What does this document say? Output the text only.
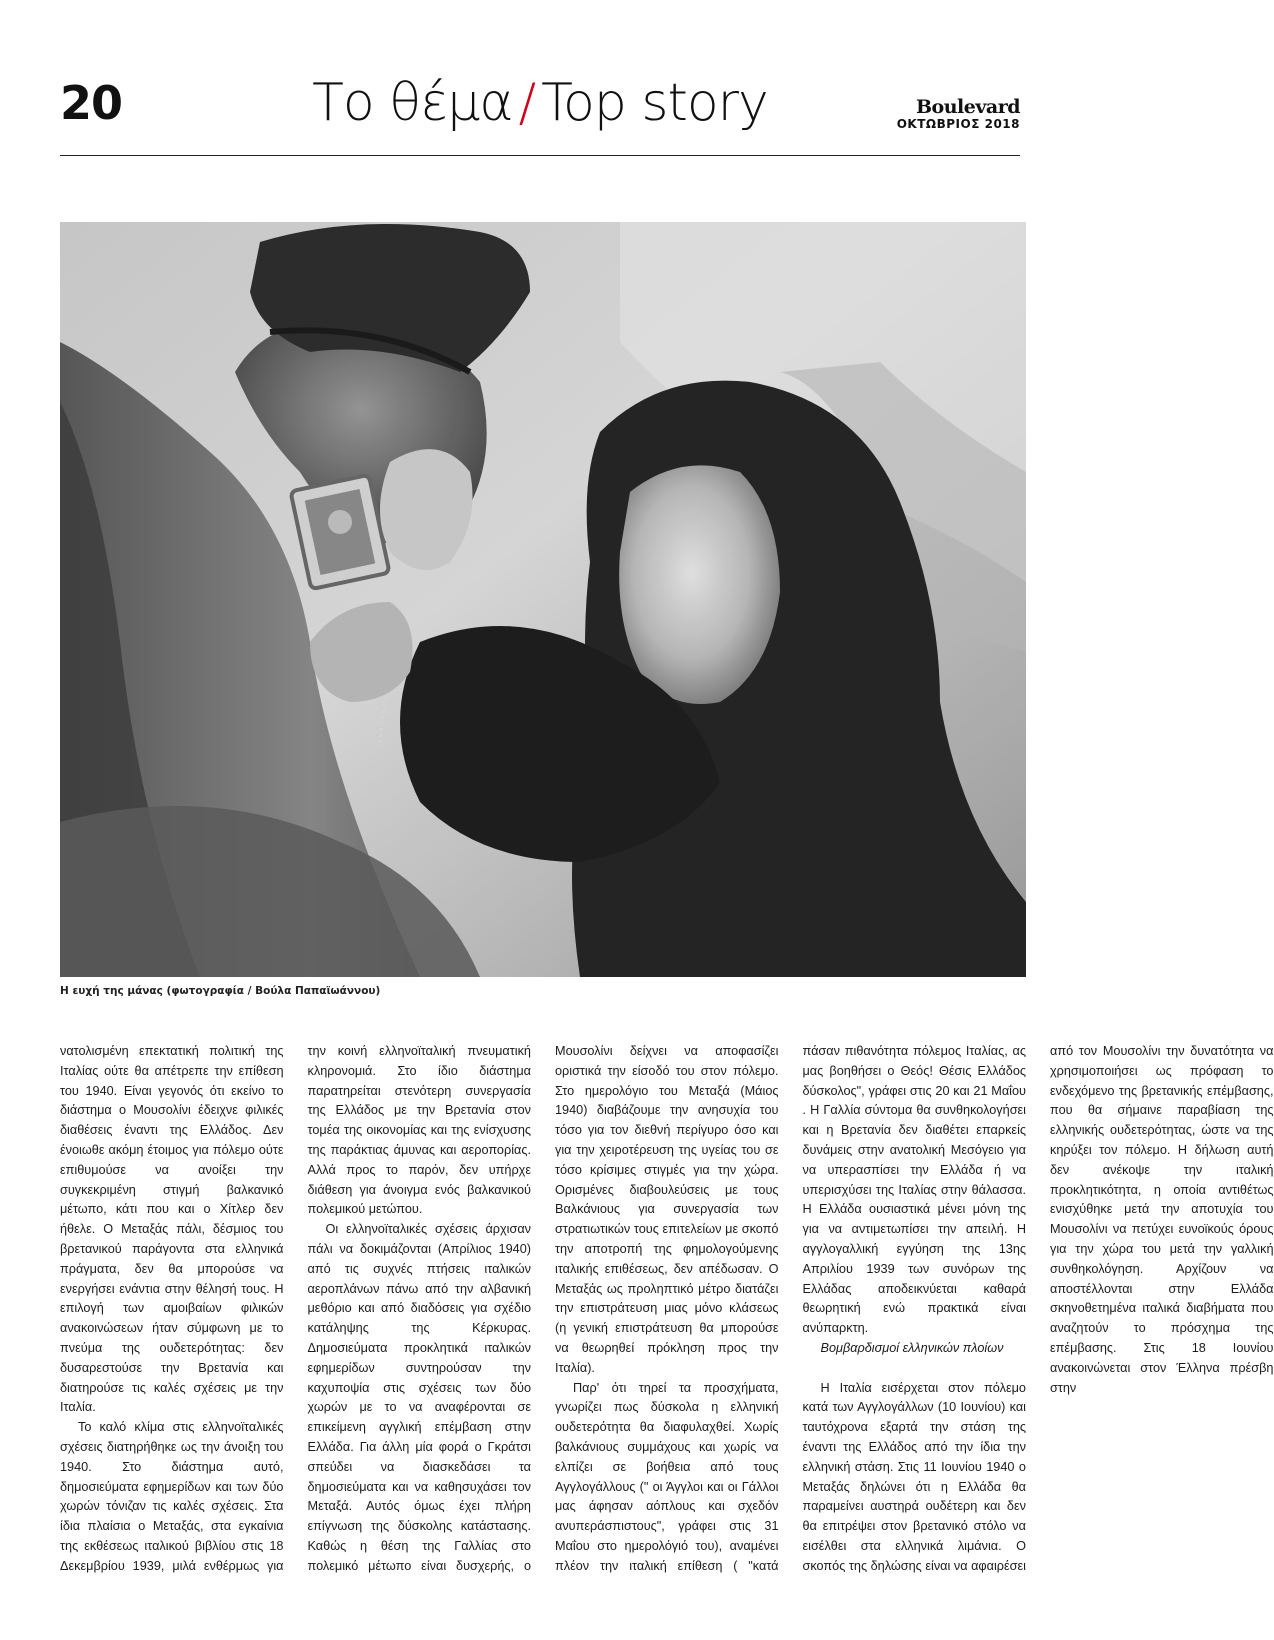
20	Το θέμα / Top story	Boulevard
ΟΚΤΩΒΡΙΟΣ 2018
Η ευχή της μάνας (φωτογραφία / Βούλα Παπαϊωάννου)

νατολισμένη επεκτατική πολιτική της Ιταλίας ούτε θα απέτρεπε την επίθεση του 1940. Είναι γεγονός ότι εκείνο το διάστημα ο Μουσολίνι έδειχνε φιλικές διαθέσεις έναντι της Ελλάδος. Δεν ένοιωθε ακόμη έτοιμος για πόλεμο ούτε επιθυμούσε να ανοίξει την συγκεκριμένη στιγμή βαλκανικό μέτωπο, κάτι που και ο Χίτλερ δεν ήθελε. Ο Μεταξάς πάλι, δέσμιος του βρετανικού παράγοντα στα ελληνικά πράγματα, δεν θα μπορούσε να ενεργήσει ενάντια στην θέλησή τους. Η επιλογή των αμοιβαίων φιλικών ανακοινώσεων ήταν σύμφωνη με το πνεύμα της ουδετερότητας: δεν δυσαρεστούσε την Βρετανία και διατηρούσε τις καλές σχέσεις με την Ιταλία.

Το καλό κλίμα στις ελληνοϊταλικές σχέσεις διατηρήθηκε ως την άνοιξη του 1940. Στο διάστημα αυτό, δημοσιεύματα εφημερίδων και των δύο χωρών τόνιζαν τις καλές σχέσεις. Στα ίδια πλαίσια ο Μεταξάς, στα εγκαίνια της εκθέσεως ιταλικού βιβλίου στις 18 Δεκεμβρίου 1939, μιλά ενθέρμως για την κοινή ελληνοϊταλική πνευματική κληρονομιά. Στο ίδιο διάστημα παρατηρείται στενότερη συνεργασία της Ελλάδος με την Βρετανία στον τομέα της οικονομίας και της ενίσχυσης της παράκτιας άμυνας και αεροπορίας. Αλλά προς το παρόν, δεν υπήρχε διάθεση για άνοιγμα ενός βαλκανικού πολεμικού μετώπου.

Οι ελληνοϊταλικές σχέσεις άρχισαν πάλι να δοκιμάζονται (Απρίλιος 1940) από τις συχνές πτήσεις ιταλικών αεροπλάνων πάνω από την αλβανική μεθόριο και από διαδόσεις για σχέδιο κατάληψης της Κέρκυρας. Δημοσιεύματα προκλητικά ιταλικών εφημερίδων συντηρούσαν την καχυποψία στις σχέσεις των δύο χωρών με το να αναφέρονται σε επικείμενη αγγλική επέμβαση στην Ελλάδα. Για άλλη μία φορά ο Γκράτσι σπεύδει να διασκεδάσει τα δημοσιεύματα και να καθησυχάσει τον Μεταξά. Αυτός όμως έχει πλήρη επίγνωση της δύσκολης κατάστασης. Καθώς η θέση της Γαλλίας στο πολεμικό μέτωπο είναι δυσχερής, ο Μουσολίνι δείχνει να αποφασίζει οριστικά την είσοδό του στον πόλεμο. Στο ημερολόγιο του Μεταξά (Μάιος 1940) διαβάζουμε την ανησυχία του τόσο για τον διεθνή περίγυρο όσο και για την χειροτέρευση της υγείας του σε τόσο κρίσιμες στιγμές για την χώρα. Ορισμένες διαβουλεύσεις με τους Βαλκάνιους για συνεργασία των στρατιωτικών τους επιτελείων με σκοπό την αποτροπή της φημολογούμενης ιταλικής επιθέσεως, δεν απέδωσαν. Ο Μεταξάς ως προληπτικό μέτρο διατάζει την επιστράτευση μιας μόνο κλάσεως (η γενική επιστράτευση θα μπορούσε να θεωρηθεί πρόκληση προς την Ιταλία).

Παρ' ότι τηρεί τα προσχήματα, γνωρίζει πως δύσκολα η ελληνική ουδετερότητα θα διαφυλαχθεί. Χωρίς βαλκάνιους συμμάχους και χωρίς να ελπίζει σε βοήθεια από τους Αγγλογάλλους (" οι Άγγλοι και οι Γάλλοι μας άφησαν αόπλους και σχεδόν ανυπεράσπιστους", γράφει στις 31 Μαΐου στο ημερολόγιό του), αναμένει πλέον την ιταλική επίθεση ( "κατά πάσαν πιθανότητα πόλεμος Ιταλίας, ας μας βοηθήσει ο Θεός! Θέσις Ελλάδος δύσκολος", γράφει στις 20 και 21 Μαΐου . Η Γαλλία σύντομα θα συνθηκολογήσει και η Βρετανία δεν διαθέτει επαρκείς δυνάμεις στην ανατολική Μεσόγειο για να υπερασπίσει την Ελλάδα ή να υπερισχύσει της Ιταλίας στην θάλασσα. Η Ελλάδα ουσιαστικά μένει μόνη της για να αντιμετωπίσει την απειλή. Η αγγλογαλλική εγγύηση της 13ης Απριλίου 1939 των συνόρων της Ελλάδας αποδεικνύεται καθαρά θεωρητική ενώ πρακτικά είναι ανύπαρκτη.

Βομβαρδισμοί ελληνικών πλοίων

Η Ιταλία εισέρχεται στον πόλεμο κατά των Αγγλογάλλων (10 Ιουνίου) και ταυτόχρονα εξαρτά την στάση της έναντι της Ελλάδος από την ίδια την ελληνική στάση. Στις 11 Ιουνίου 1940 ο Μεταξάς δηλώνει ότι η Ελλάδα θα παραμείνει αυστηρά ουδέτερη και δεν θα επιτρέψει στον βρετανικό στόλο να εισέλθει στα ελληνικά λιμάνια. Ο σκοπός της δηλώσης είναι να αφαιρέσει από τον Μουσολίνι την δυνατότητα να χρησιμοποιήσει ως πρόφαση το ενδεχόμενο της βρετανικής επέμβασης, που θα σήμαινε παραβίαση της ελληνικής ουδετερότητας, ώστε να της κηρύξει τον πόλεμο. Η δήλωση αυτή δεν ανέκοψε την ιταλική προκλητικότητα, η οποία αντιθέτως ενισχύθηκε μετά την αποτυχία του Μουσολίνι να πετύχει ευνοϊκούς όρους για την χώρα του μετά την γαλλική συνθηκολόγηση. Αρχίζουν να αποστέλλονται στην Ελλάδα σκηνοθετημένα ιταλικά διαβήματα που αναζητούν το πρόσχημα της επέμβασης. Στις 18 Ιουνίου ανακοινώνεται στον Έλληνα πρέσβη στην
